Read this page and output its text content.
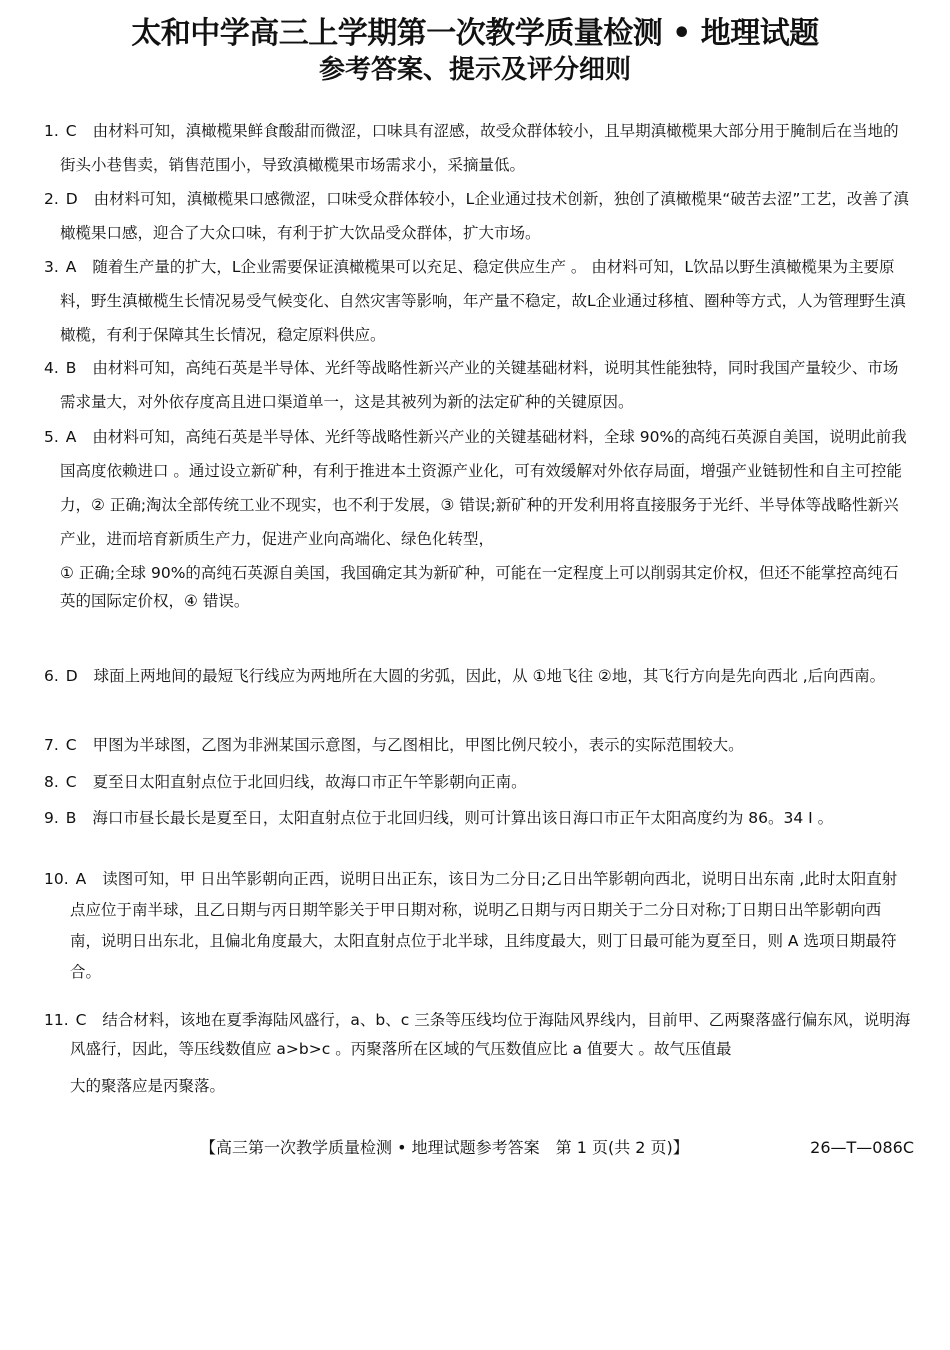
太和中学高三上学期第一次教学质量检测 • 地理试题
参考答案、提示及评分细则
1. C 由材料可知，滇橄榄果鲜食酸甜而微涩，口味具有涩感，故受众群体较小，且早期滇橄榄果大部分用于腌制后在当地的街头小巷售卖，销售范围小，导致滇橄榄果市场需求小，采摘量低。
2. D 由材料可知，滇橄榄果口感微涩，口味受众群体较小，L企业通过技术创新，独创了滇橄榄果“破苦去涩”工艺，改善了滇橄榄果口感，迎合了大众口味，有利于扩大饮品受众群体，扩大市场。
3. A 随着生产量的扩大，L企业需要保证滇橄榄果可以充足、稳定供应生产 。 由材料可知，L饮品以野生滇橄榄果为主要原料，野生滇橄榄生长情况易受气候变化、自然灾害等影响，年产量不稳定，故L企业通过移植、圈种等方式，人为管理野生滇橄榄，有利于保障其生长情况，稳定原料供应。
4. B 由材料可知，高纯石英是半导体、光纤等战略性新兴产业的关键基础材料，说明其性能独特，同时我国产量较少、市场需求量大，对外依存度高且进口渠道单一，这是其被列为新的法定矿种的关键原因。
5. A 由材料可知，高纯石英是半导体、光纤等战略性新兴产业的关键基础材料，全球 90%的高纯石英源自美国，说明此前我国高度依赖进口 。通过设立新矿种，有利于推进本土资源产业化，可有效缓解对外依存局面，增强产业链韧性和自主可控能力，② 正确;淘汰全部传统工业不现实，也不利于发展，③ 错误;新矿种的开发利用将直接服务于光纤、半导体等战略性新兴产业，进而培育新质生产力，促进产业向高端化、绿色化转型，
① 正确;全球 90%的高纯石英源自美国，我国确定其为新矿种，可能在一定程度上可以削弱其定价权，但还不能掌控高纯石英的国际定价权，④ 错误。
6. D 球面上两地间的最短飞行线应为两地所在大圆的劣弧，因此，从 ①地飞往 ②地，其飞行方向是先向西北 ,后向西南。
7. C 甲图为半球图，乙图为非洲某国示意图，与乙图相比，甲图比例尺较小，表示的实际范围较大。
8. C 夏至日太阳直射点位于北回归线，故海口市正午竿影朝向正南。
9. B 海口市昼长最长是夏至日，太阳直射点位于北回归线，则可计算出该日海口市正午太阳高度约为 86。34 I 。
10. A 读图可知，甲 日出竿影朝向正西，说明日出正东，该日为二分日;乙日出竿影朝向西北，说明日出东南 ,此时太阳直射点应位于南半球，且乙日期与丙日期竿影关于甲日期对称，说明乙日期与丙日期关于二分日对称;丁日期日出竿影朝向西南，说明日出东北，且偏北角度最大，太阳直射点位于北半球，且纬度最大，则丁日最可能为夏至日，则 A 选项日期最符合。
11. C 结合材料，该地在夏季海陆风盛行，a、b、c 三条等压线均位于海陆风界线内，目前甲、乙两聚落盛行偏东风，说明海风盛行，因此，等压线数值应 a>b>c 。丙聚落所在区域的气压数值应比 a 值要大 。故气压值最
大的聚落应是丙聚落。
【高三第一次教学质量检测 • 地理试题参考答案　第 1 页(共 2 页)】	26—T—086C
